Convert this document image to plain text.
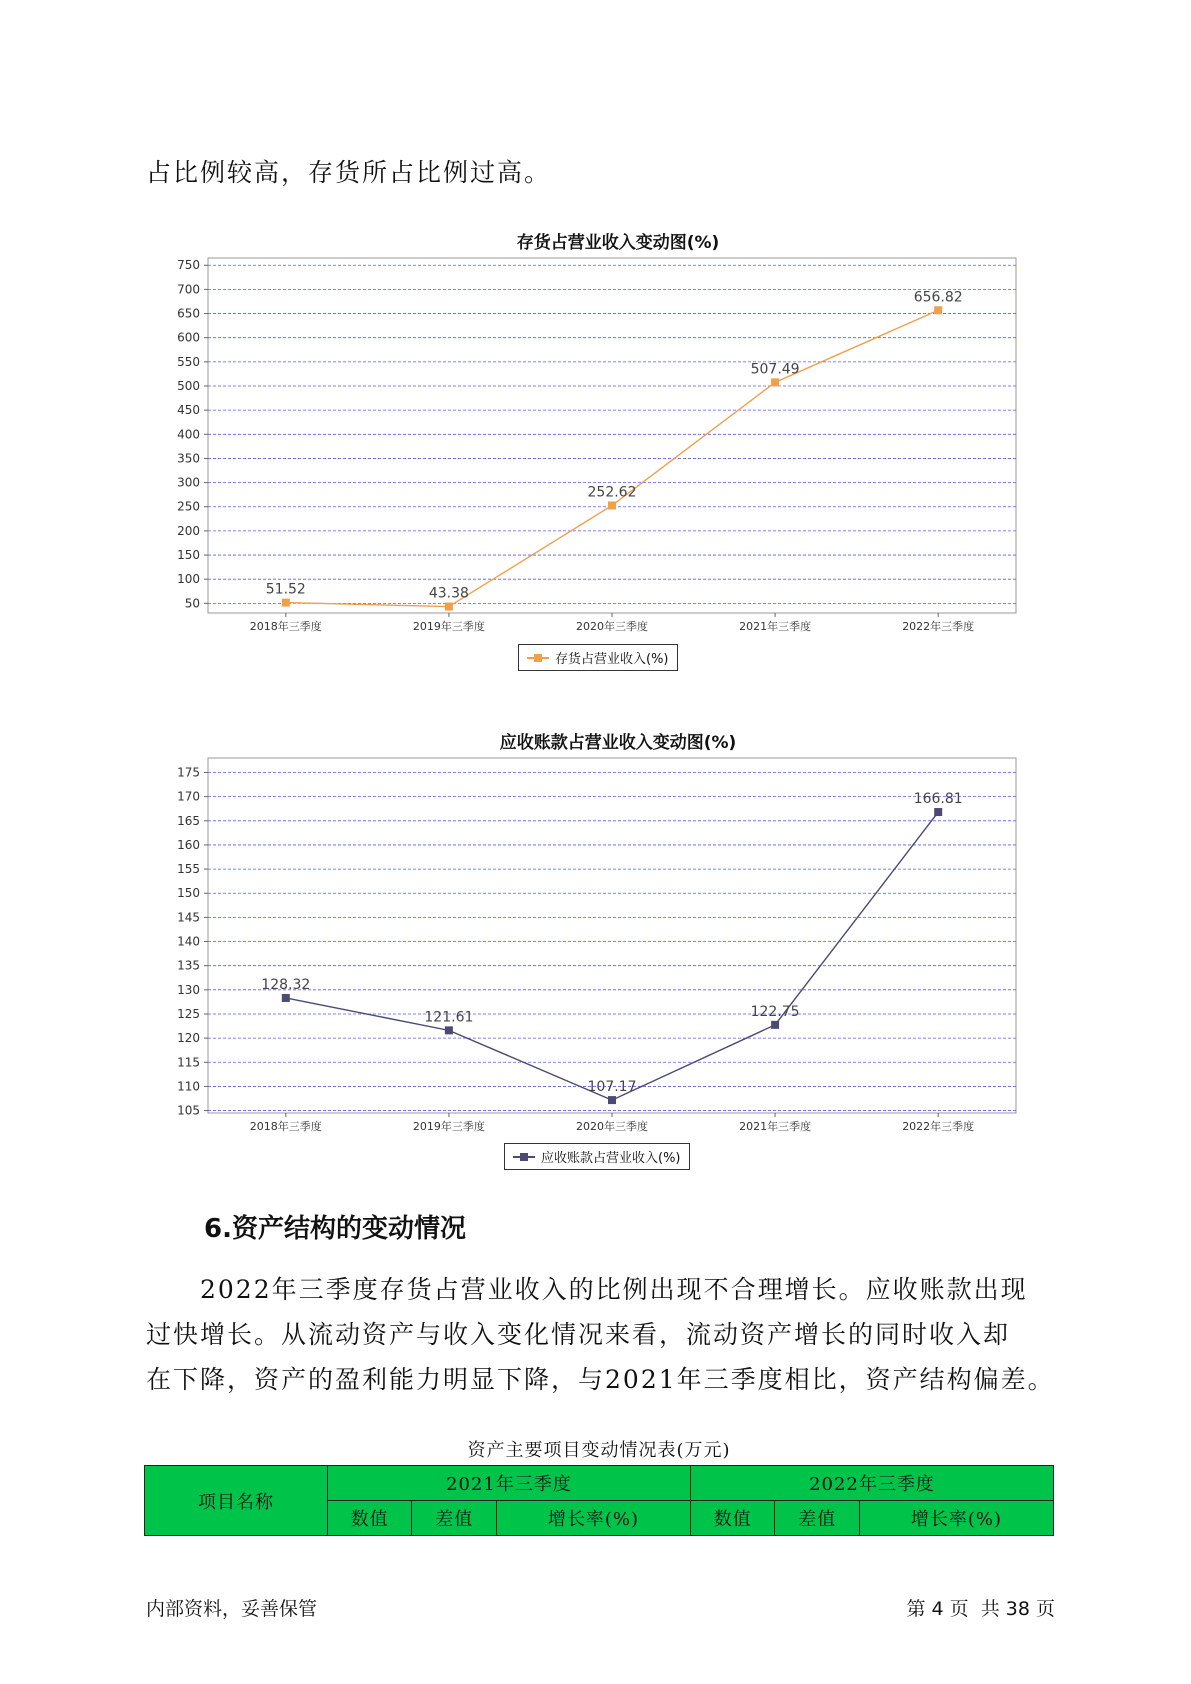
占比例较高，存货所占比例过高。
存货占营业收入变动图(%)
50
100
150
200
250
300
350
400
450
500
550
600
650
700
750
2018年三季度	2019年三季度	2020年三季度	2021年三季度	2022年三季度
51.52	43.38
252.62
507.49
656.82
存货占营业收入(%)
应收账款占营业收入变动图(%)
105
110
115
120
125
130
135
140
145
150
155
160
165
170
175
2018年三季度	2019年三季度	2020年三季度	2021年三季度	2022年三季度
128.32
121.61
107.17
122.75
166.81
应收账款占营业收入(%)
6.资产结构的变动情况
2022年三季度存货占营业收入的比例出现不合理增长。应收账款出现
过快增长。从流动资产与收入变化情况来看，流动资产增长的同时收入却
在下降，资产的盈利能力明显下降，与2021年三季度相比，资产结构偏差。
资产主要项目变动情况表(万元)
项目名称	2021年三季度			2022年三季度		
	数值	差值	增长率(%)	数值	差值	增长率(%)
内部资料，妥善保管	第 4 页  共 38 页
